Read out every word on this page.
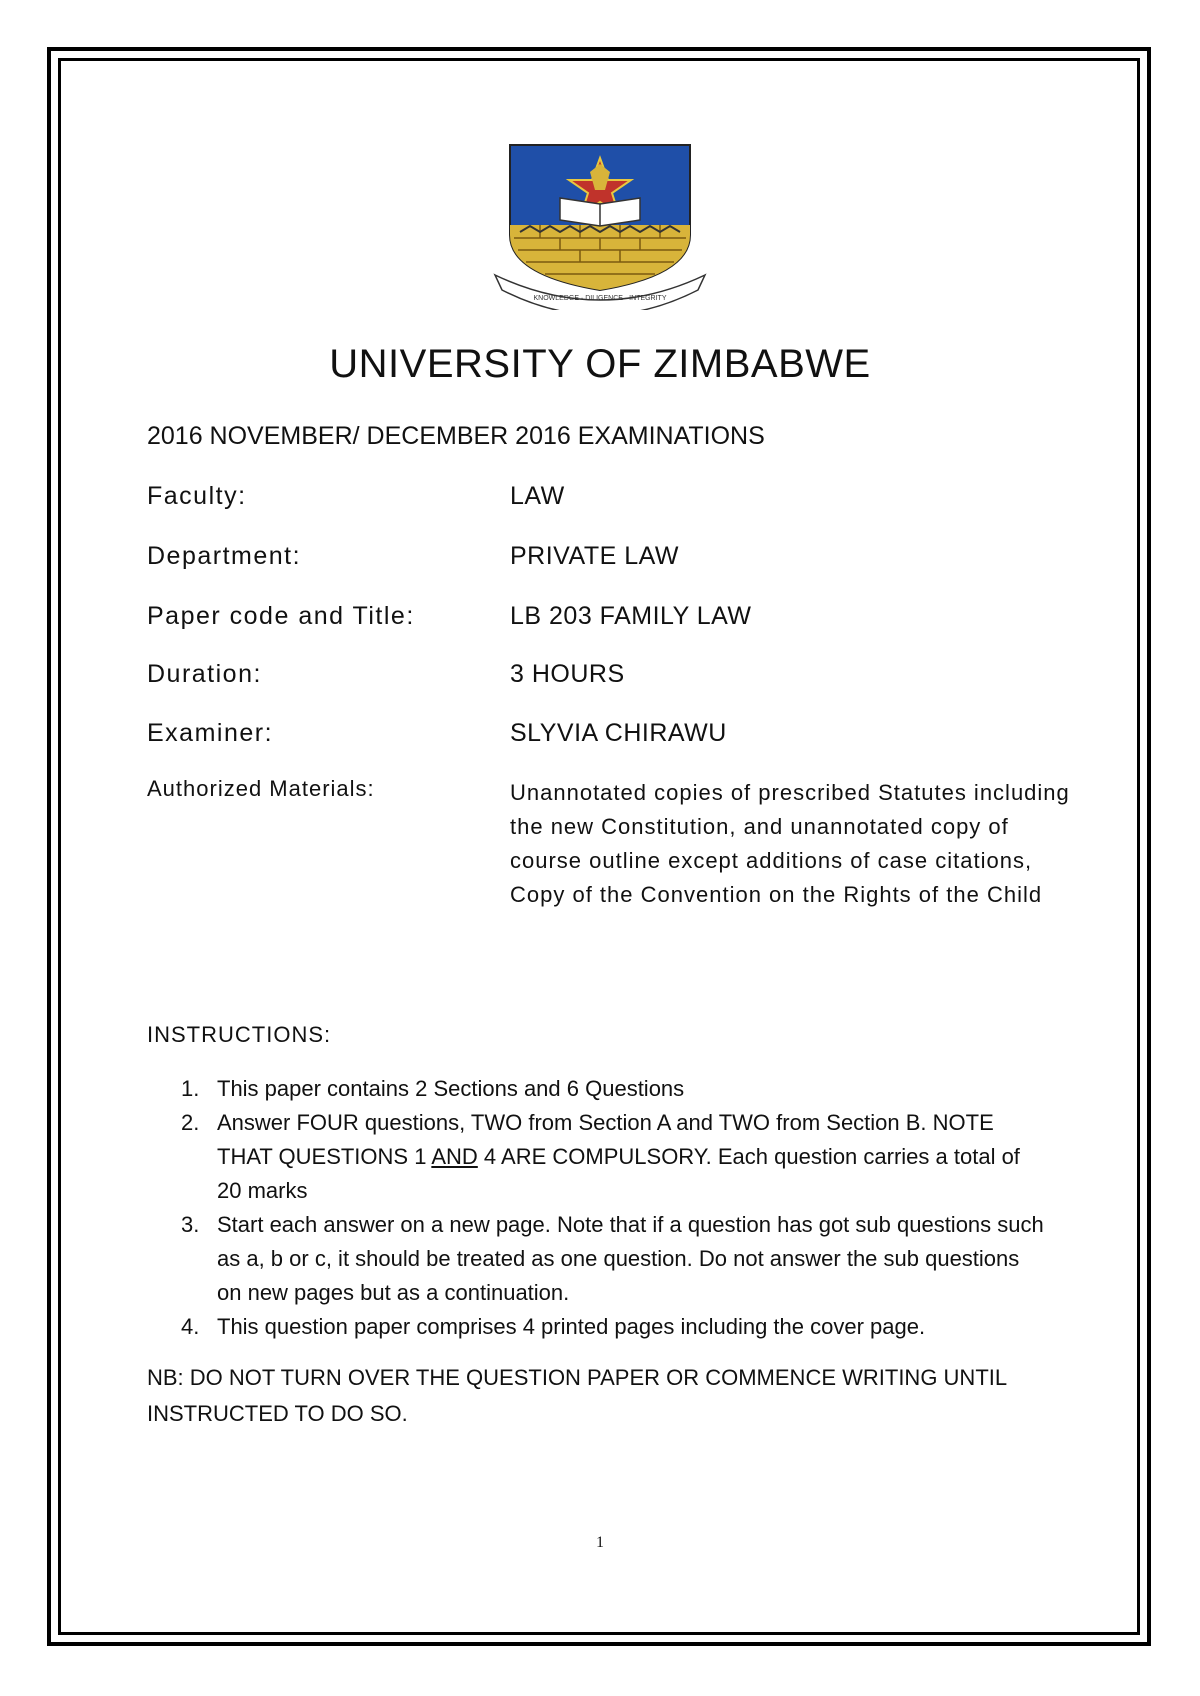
KNOWLEDGE · DILIGENCE · INTEGRITY
UNIVERSITY OF ZIMBABWE
2016 NOVEMBER/ DECEMBER 2016 EXAMINATIONS
Faculty:	LAW
Department:	PRIVATE LAW
Paper code and Title:	LB 203 FAMILY LAW
Duration:	3 HOURS
Examiner:	SLYVIA CHIRAWU
Authorized Materials:	Unannotated copies of prescribed Statutes including the new Constitution, and unannotated copy of course outline except additions of case citations, Copy of the Convention on the Rights of the Child
INSTRUCTIONS:
1. This paper contains 2 Sections and 6 Questions
2. Answer FOUR questions, TWO from Section A and TWO from Section B. NOTE THAT QUESTIONS 1 AND 4 ARE COMPULSORY. Each question carries a total of 20 marks
3. Start each answer on a new page. Note that if a question has got sub questions such as a, b or c, it should be treated as one question. Do not answer the sub questions on new pages but as a continuation.
4. This question paper comprises 4 printed pages including the cover page.
NB: DO NOT TURN OVER THE QUESTION PAPER OR COMMENCE WRITING UNTIL INSTRUCTED TO DO SO.
1
